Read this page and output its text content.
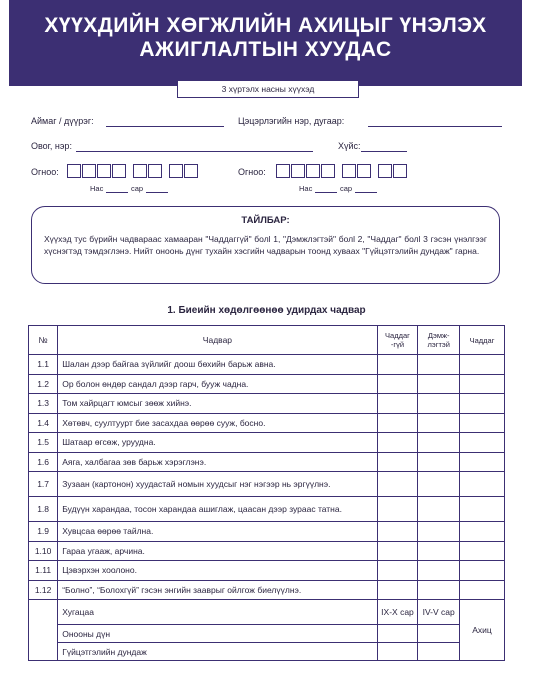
ХҮҮХДИЙН ХӨГЖЛИЙН АХИЦЫГ ҮНЭЛЭХ
АЖИГЛАЛТЫН ХУУДАС
3 хүртэлх насны хүүхэд
Аймаг / дүүрэг:	Цэцэрлэгийн нэр, дугаар:
Овог, нэр:	Хүйс:
Огноо:
Нас	сар
Огноо:
Нас	сар
ТАЙЛБАР:
Хүүхэд тус бүрийн чадвараас хамааран "Чаддаггүй" болl 1, "Дэмжлэгтэй" болl 2, "Чаддаг" болl 3 гэсэн үнэлгээг хүснэгтэд тэмдэглэнэ. Нийт оноонь дүнг тухайн хэсгийн чадварын тоонд хуваах "Гүйцэтгэлийн дундаж" гарна.
1. Биеийн хөдөлгөөнөө удирдах чадвар
№	Чадвар	Чаддаг -гүй	Дэмж- лэгтэй	Чаддаг
1.1	Шалан дээр байгаа зүйлийг доош бөхийн барьж авна.			
1.2	Ор болон өндөр сандал дээр гарч, бууж чадна.			
1.3	Том хайрцагт юмсыг зөөж хийнэ.			
1.4	Хөтөвч, суултуурт бие засахдаа өөрөө сууж, босно.			
1.5	Шатаар өгсөж, уруудна.			
1.6	Аяга, халбагаа зөв барьж хэрэглэнэ.			
1.7	Зузаан (картонон) хуудастай номын хуудсыг нэг нэгээр нь эргүүлнэ.			
1.8	Будүүн харандаа, тосон харандаа ашиглаж, цаасан дээр зураас татна.			
1.9	Хувцсаа өөрөө тайлна.			
1.10	Гараа угааж, арчина.			
1.11	Цэвэрхэн хоолоно.			
1.12	“Болно”, “Болохгүй” гэсэн энгийн зааврыг ойлгож биелүүлнэ.			
	Хугацаа	IX-X сар	IV-V сар	Ахиц
	Онооны дүн			
	Гүйцэтгэлийн дундаж			
